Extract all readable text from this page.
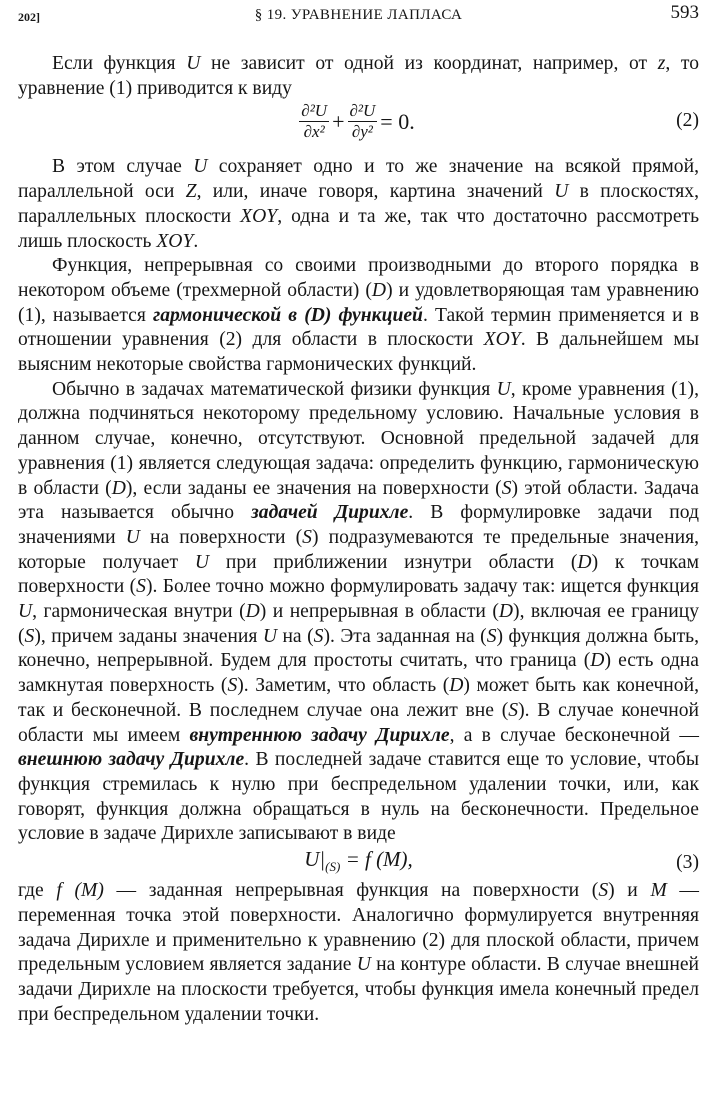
202]	§ 19. УРАВНЕНИЕ ЛАПЛАСА	593

Если функция U не зависит от одной из координат, например, от z, то уравнение (1) приводится к виду

$\frac{\text{∂²U}}{\text{∂x²}} + \frac{\text{∂²U}}{\text{∂y²}} = 0$.	(2)

В этом случае U сохраняет одно и то же значение на всякой прямой, параллельной оси Z, или, иначе говоря, картина значений U в плоскостях, параллельных плоскости XOY, одна и та же, так что достаточно рассмотреть лишь плоскость XOY.

Функция, непрерывная со своими производными до второго порядка в некотором объеме (трехмерной области) (D) и удовлетворяющая там уравнению (1), называется гармонической в (D) функцией. Такой термин применяется и в отношении уравнения (2) для области в плоскости XOY. В дальнейшем мы выясним некоторые свойства гармонических функций.

Обычно в задачах математической физики функция U, кроме уравнения (1), должна подчиняться некоторому предельному условию. Начальные условия в данном случае, конечно, отсутствуют. Основной предельной задачей для уравнения (1) является следующая задача: определить функцию, гармоническую в области (D), если заданы ее значения на поверхности (S) этой области. Задача эта называется обычно задачей Дирихле. В формулировке задачи под значениями U на поверхности (S) подразумеваются те предельные значения, которые получает U при приближении изнутри области (D) к точкам поверхности (S). Более точно можно формулировать задачу так: ищется функция U, гармоническая внутри (D) и непрерывная в области (D), включая ее границу (S), причем заданы значения U на (S). Эта заданная на (S) функция должна быть, конечно, непрерывной. Будем для простоты считать, что граница (D) есть одна замкнутая поверхность (S). Заметим, что область (D) может быть как конечной, так и бесконечной. В последнем случае она лежит вне (S). В случае конечной области мы имеем внутреннюю задачу Дирихле, а в случае бесконечной — внешнюю задачу Дирихле. В последней задаче ставится еще то условие, чтобы функция стремилась к нулю при беспредельном удалении точки, или, как говорят, функция должна обращаться в нуль на бесконечности. Предельное условие в задаче Дирихле записывают в виде

$U|_{(S)} = f$ (M),	(3)

где f (M) — заданная непрерывная функция на поверхности (S) и M — переменная точка этой поверхности. Аналогично формулируется внутренняя задача Дирихле и применительно к уравнению (2) для плоской области, причем предельным условием является задание U на контуре области. В случае внешней задачи Дирихле на плоскости требуется, чтобы функция имела конечный предел при беспредельном удалении точки.
